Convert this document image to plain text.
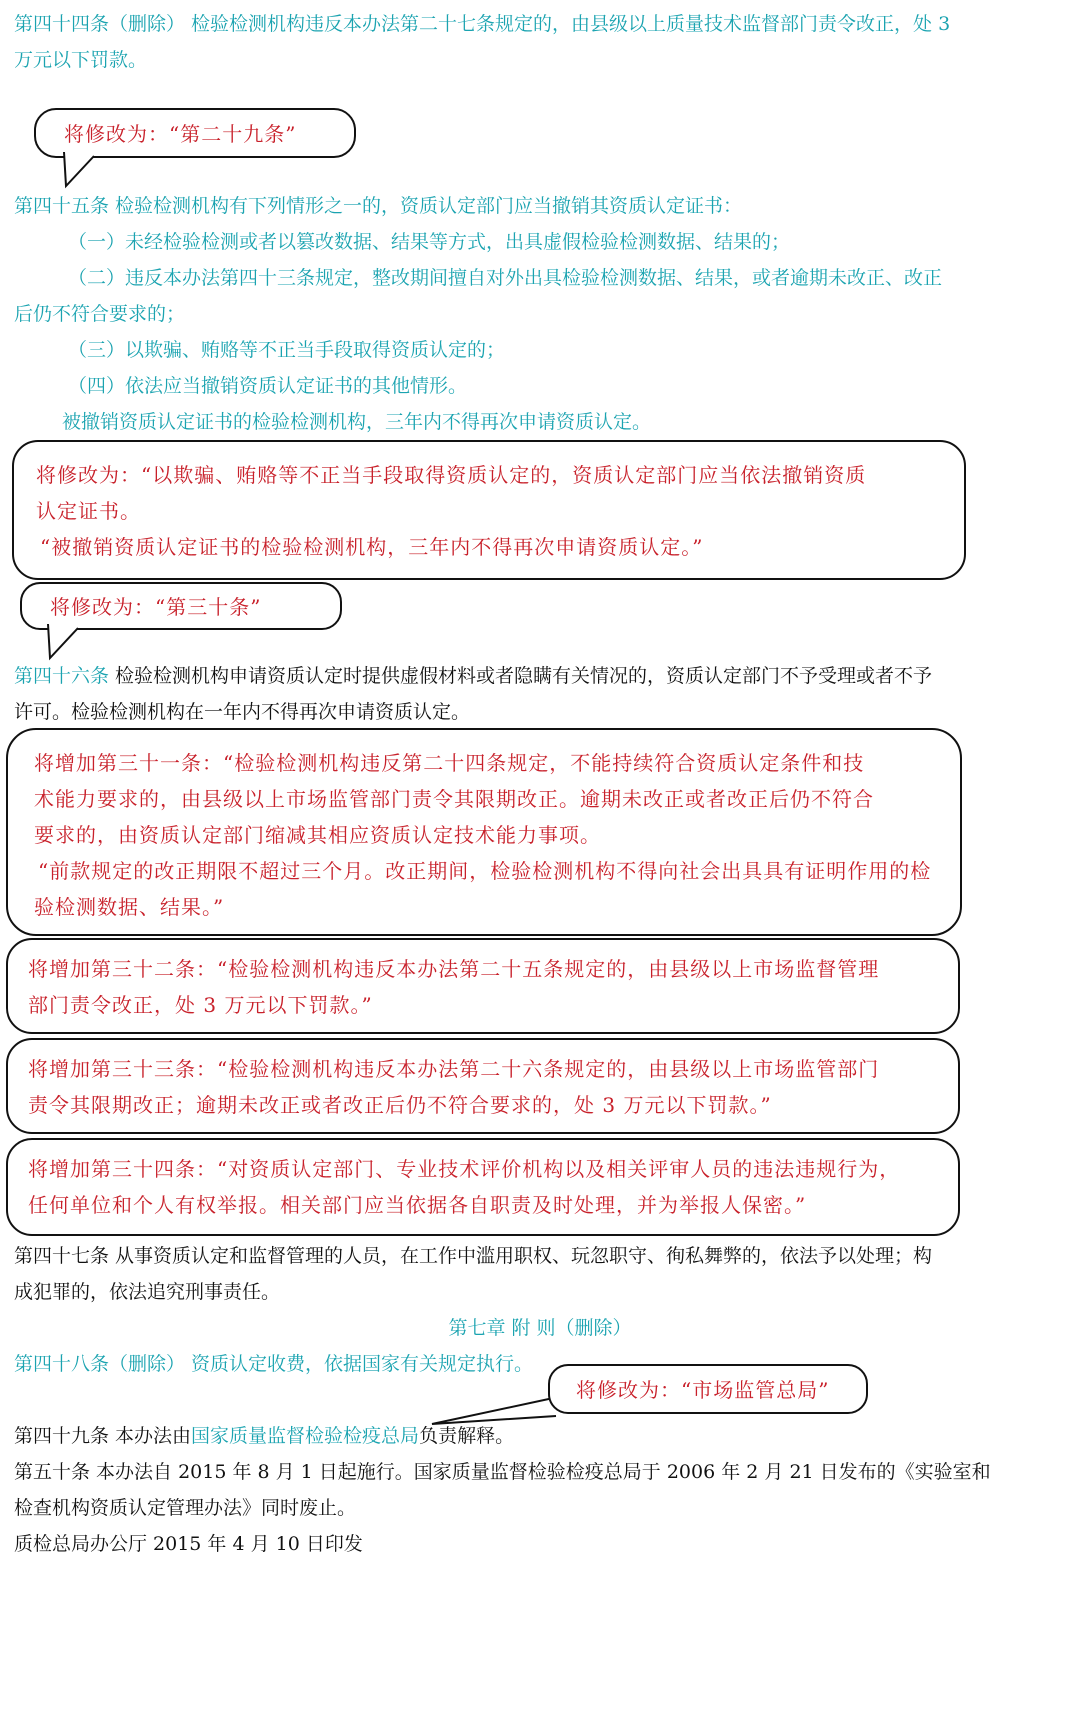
第四十四条（删除） 检验检测机构违反本办法第二十七条规定的，由县级以上质量技术监督部门责令改正，处 3
万元以下罚款。
将修改为：“第二十九条”
第四十五条 检验检测机构有下列情形之一的，资质认定部门应当撤销其资质认定证书：
（一）未经检验检测或者以篡改数据、结果等方式，出具虚假检验检测数据、结果的；
（二）违反本办法第四十三条规定，整改期间擅自对外出具检验检测数据、结果，或者逾期未改正、改正
后仍不符合要求的；
（三）以欺骗、贿赂等不正当手段取得资质认定的；
（四）依法应当撤销资质认定证书的其他情形。
被撤销资质认定证书的检验检测机构，三年内不得再次申请资质认定。
将修改为：“以欺骗、贿赂等不正当手段取得资质认定的，资质认定部门应当依法撤销资质
认定证书。
“被撤销资质认定证书的检验检测机构，三年内不得再次申请资质认定。”
将修改为：“第三十条”
第四十六条 检验检测机构申请资质认定时提供虚假材料或者隐瞒有关情况的，资质认定部门不予受理或者不予
许可。检验检测机构在一年内不得再次申请资质认定。
将增加第三十一条：“检验检测机构违反第二十四条规定，不能持续符合资质认定条件和技
术能力要求的，由县级以上市场监管部门责令其限期改正。逾期未改正或者改正后仍不符合
要求的，由资质认定部门缩减其相应资质认定技术能力事项。
“前款规定的改正期限不超过三个月。改正期间，检验检测机构不得向社会出具具有证明作用的检
验检测数据、结果。”
将增加第三十二条：“检验检测机构违反本办法第二十五条规定的，由县级以上市场监督管理
部门责令改正，处 3 万元以下罚款。”
将增加第三十三条：“检验检测机构违反本办法第二十六条规定的，由县级以上市场监管部门
责令其限期改正；逾期未改正或者改正后仍不符合要求的，处 3 万元以下罚款。”
将增加第三十四条：“对资质认定部门、专业技术评价机构以及相关评审人员的违法违规行为，
任何单位和个人有权举报。相关部门应当依据各自职责及时处理，并为举报人保密。”
第四十七条 从事资质认定和监督管理的人员，在工作中滥用职权、玩忽职守、徇私舞弊的，依法予以处理；构
成犯罪的，依法追究刑事责任。
第七章 附 则（删除）
第四十八条（删除） 资质认定收费，依据国家有关规定执行。
将修改为：“市场监管总局”
第四十九条 本办法由国家质量监督检验检疫总局负责解释。
第五十条 本办法自 2015 年 8 月 1 日起施行。国家质量监督检验检疫总局于 2006 年 2 月 21 日发布的《实验室和
检查机构资质认定管理办法》同时废止。
质检总局办公厅 2015 年 4 月 10 日印发
